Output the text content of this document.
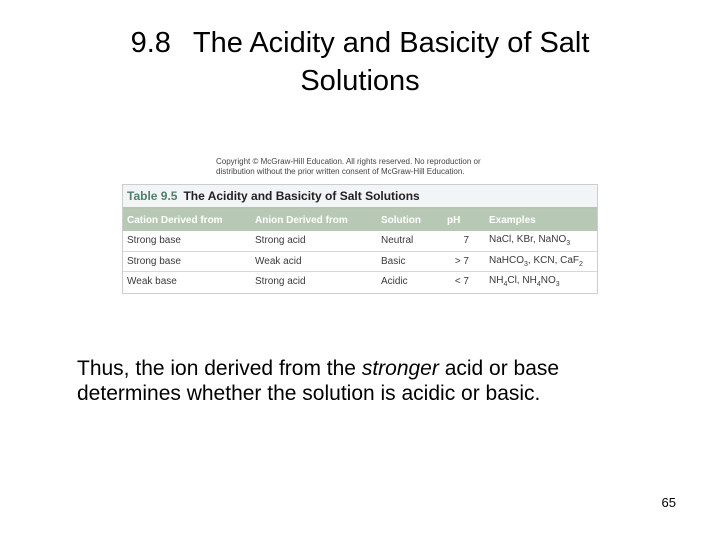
9.8 The Acidity and Basicity of Salt
Solutions
Copyright © McGraw-Hill Education. All rights reserved. No reproduction or
distribution without the prior written consent of McGraw-Hill Education.
Table 9.5 The Acidity and Basicity of Salt Solutions
Cation Derived from	Anion Derived from	Solution	pH	Examples
Strong base	Strong acid	Neutral	7	NaCl, KBr, NaNO$_3$
Strong base	Weak acid	Basic	> 7	NaHCO$_3$, KCN, CaF$_2$
Weak base	Strong acid	Acidic	< 7	$NH_4Cl$, $NH_4NO_3$

Thus, the ion derived from the stronger acid or base determines whether the solution is acidic or basic.

65
